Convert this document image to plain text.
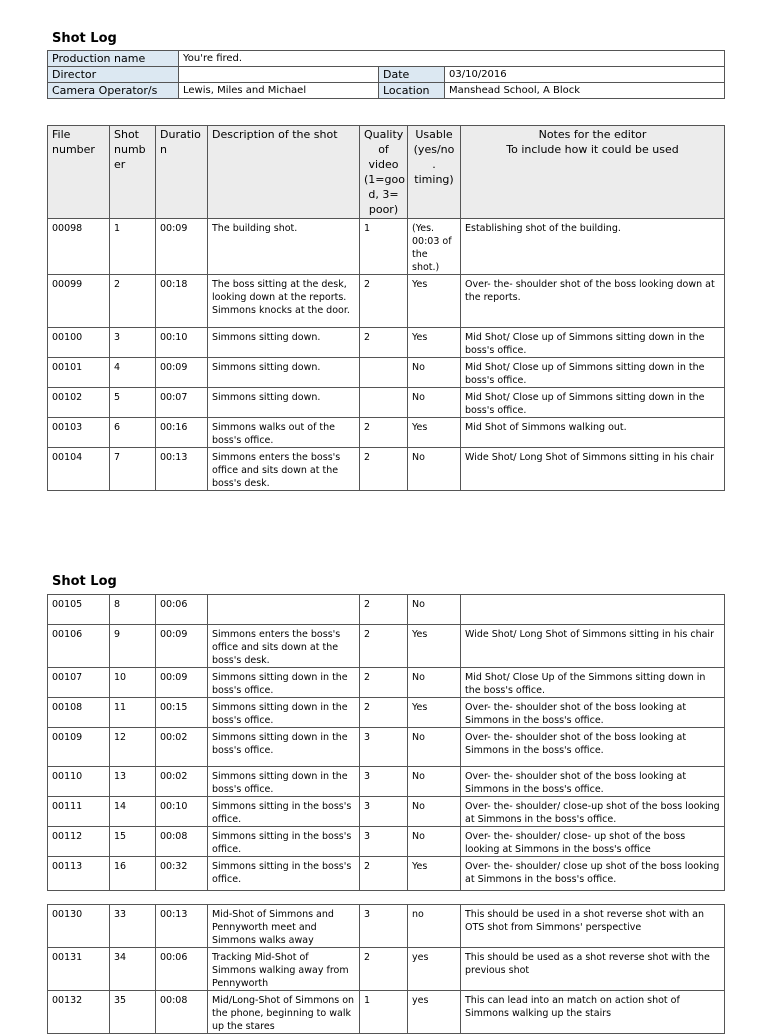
Shot Log
Production name	You're fired.		
Director		Date	03/10/2016
Camera Operator/s	Lewis, Miles and Michael	Location	Manshead School, A Block
File number	Shot numb er	Duratio n	Description of the shot	Quality of video (1=goo d, 3= poor)	Usable (yes/no . timing)	Notes for the editor
To include how it could be used

00098	1	00:09	The building shot.	1	(Yes. 00:03 of the shot.)	Establishing shot of the building.
00099	2	00:18	The boss sitting at the desk, looking down at the reports. Simmons knocks at the door.	2	Yes	Over- the- shoulder shot of the boss looking down at the reports.
00100	3	00:10	Simmons sitting down.	2	Yes	Mid Shot/ Close up of Simmons sitting down in the boss's office.
00101	4	00:09	Simmons sitting down.		No	Mid Shot/ Close up of Simmons sitting down in the boss's office.
00102	5	00:07	Simmons sitting down.		No	Mid Shot/ Close up of Simmons sitting down in the boss's office.
00103	6	00:16	Simmons walks out of the boss's office.	2	Yes	Mid Shot of Simmons walking out.
00104	7	00:13	Simmons enters the boss's office and sits down at the boss's desk.	2	No	Wide Shot/ Long Shot of Simmons sitting in his chair
Shot Log
00105	8	00:06		2	No	
00106	9	00:09	Simmons enters the boss's office and sits down at the boss's desk.	2	Yes	Wide Shot/ Long Shot of Simmons sitting in his chair
00107	10	00:09	Simmons sitting down in the boss's office.	2	No	Mid Shot/ Close Up of the Simmons sitting down in the boss's office.
00108	11	00:15	Simmons sitting down in the boss's office.	2	Yes	Over- the- shoulder shot of the boss looking at Simmons in the boss's office.
00109	12	00:02	Simmons sitting down in the boss's office.	3	No	Over- the- shoulder shot of the boss looking at Simmons in the boss's office.
00110	13	00:02	Simmons sitting down in the boss's office.	3	No	Over- the- shoulder shot of the boss looking at Simmons in the boss's office.
00111	14	00:10	Simmons sitting in the boss's office.	3	No	Over- the- shoulder/ close-up shot of the boss looking at Simmons in the boss's office.
00112	15	00:08	Simmons sitting in the boss's office.	3	No	Over- the- shoulder/ close- up shot of the boss looking at Simmons in the boss's office
00113	16	00:32	Simmons sitting in the boss's office.	2	Yes	Over- the- shoulder/ close up shot of the boss looking at Simmons in the boss's office.
00130	33	00:13	Mid-Shot of Simmons and Pennyworth meet and Simmons walks away	3	no	This should be used in a shot reverse shot with an OTS shot from Simmons' perspective
00131	34	00:06	Tracking Mid-Shot of Simmons walking away from Pennyworth	2	yes	This should be used as a shot reverse shot with the previous shot
00132	35	00:08	Mid/Long-Shot of Simmons on the phone, beginning to walk up the stares	1	yes	This can lead into an match on action shot of Simmons walking up the stairs
